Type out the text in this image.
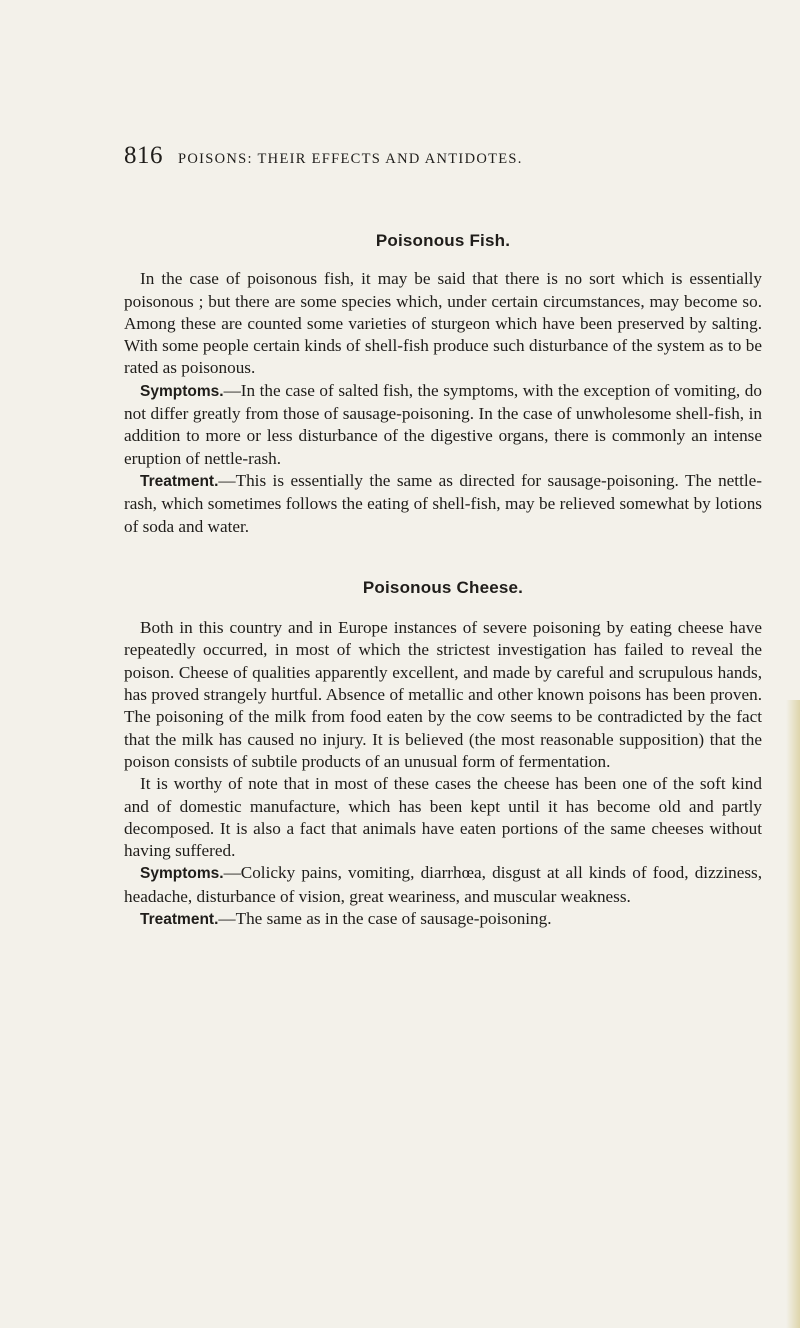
816 POISONS: THEIR EFFECTS AND ANTIDOTES.
Poisonous Fish.

In the case of poisonous fish, it may be said that there is no sort which is essentially poisonous ; but there are some species which, under certain circumstances, may become so. Among these are counted some varieties of sturgeon which have been preserved by salting. With some people certain kinds of shell-fish produce such disturbance of the system as to be rated as poisonous.

Symptoms.—In the case of salted fish, the symptoms, with the exception of vomiting, do not differ greatly from those of sausage-poisoning. In the case of unwholesome shell-fish, in addition to more or less disturbance of the digestive organs, there is commonly an intense eruption of nettle-rash.

Treatment.—This is essentially the same as directed for sausage-poisoning. The nettle-rash, which sometimes follows the eating of shell-fish, may be relieved somewhat by lotions of soda and water.

Poisonous Cheese.

Both in this country and in Europe instances of severe poisoning by eating cheese have repeatedly occurred, in most of which the strictest investigation has failed to reveal the poison. Cheese of qualities apparently excellent, and made by careful and scrupulous hands, has proved strangely hurtful. Absence of metallic and other known poisons has been proven. The poisoning of the milk from food eaten by the cow seems to be contradicted by the fact that the milk has caused no injury. It is believed (the most reasonable supposition) that the poison consists of subtile products of an unusual form of fermentation.

It is worthy of note that in most of these cases the cheese has been one of the soft kind and of domestic manufacture, which has been kept until it has become old and partly decomposed. It is also a fact that animals have eaten portions of the same cheeses without having suffered.

Symptoms.—Colicky pains, vomiting, diarrhœa, disgust at all kinds of food, dizziness, headache, disturbance of vision, great weariness, and muscular weakness.

Treatment.—The same as in the case of sausage-poisoning.
